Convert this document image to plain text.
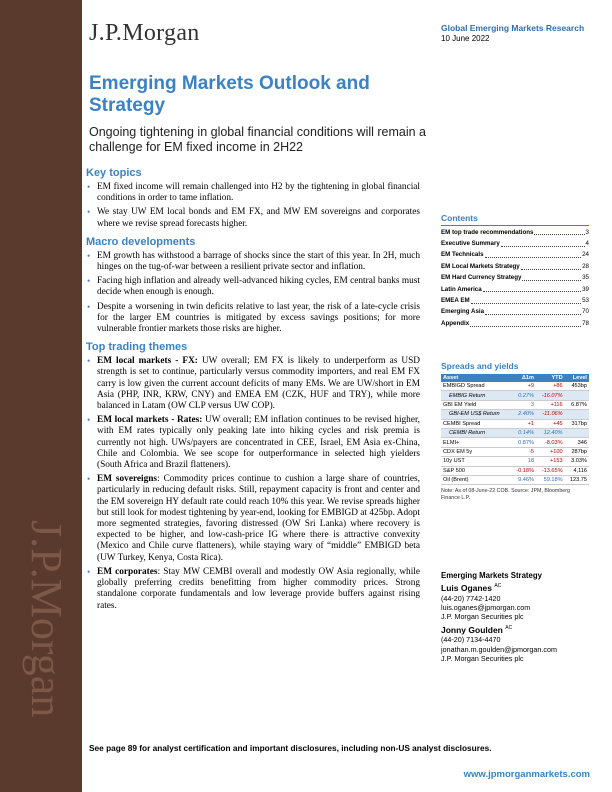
J.P.Morgan
J.P.Morgan	Global Emerging Markets Research
10 June 2022
Emerging Markets Outlook and Strategy
Ongoing tightening in global financial conditions will remain a challenge for EM fixed income in 2H22
Key topics
• EM fixed income will remain challenged into H2 by the tightening in global financial conditions in order to tame inflation.
• We stay UW EM local bonds and EM FX, and MW EM sovereigns and corporates where we revise spread forecasts higher.
Macro developments
• EM growth has withstood a barrage of shocks since the start of this year. In 2H, much hinges on the tug-of-war between a resilient private sector and inflation.
• Facing high inflation and already well-advanced hiking cycles, EM central banks must decide when enough is enough.
• Despite a worsening in twin deficits relative to last year, the risk of a late-cycle crisis for the larger EM countries is mitigated by excess savings positions; for more vulnerable frontier markets those risks are higher.
Top trading themes
• EM local markets - FX: UW overall; EM FX is likely to underperform as USD strength is set to continue, particularly versus commodity importers, and real EM FX carry is low given the current account deficits of many EMs. We are UW/short in EM Asia (PHP, INR, KRW, CNY) and EMEA EM (CZK, HUF and TRY), while more balanced in Latam (OW CLP versus UW COP).
• EM local markets - Rates: UW overall; EM inflation continues to be revised higher, with EM rates typically only peaking late into hiking cycles and risk premia is currently not high. UWs/payers are concentrated in CEE, Israel, EM Asia ex-China, Chile and Colombia. We see scope for outperformance in selected high yielders (South Africa and Brazil flatteners).
• EM sovereigns: Commodity prices continue to cushion a large share of countries, particularly in reducing default risks. Still, repayment capacity is front and center and the EM sovereign HY default rate could reach 10% this year. We revise spreads higher but still look for modest tightening by year-end, looking for EMBIGD at 425bp. Adopt more segmented strategies, favoring distressed (OW Sri Lanka) where recovery is expected to be higher, and low-cash-price IG where there is attractive convexity (Mexico and Chile curve flatteners), while staying wary of “middle” EMBIGD beta (UW Turkey, Kenya, Costa Rica).
• EM corporates: Stay MW CEMBI overall and modestly OW Asia regionally, while globally preferring credits benefitting from higher commodity prices. Strong standalone corporate fundamentals and low leverage provide buffers against rising rates.
Contents
EM top trade recommendations	3
Executive Summary	4
EM Technicals	24
EM Local Markets Strategy	28
EM Hard Currency Strategy	35
Latin America	39
EMEA EM	53
Emerging Asia	70
Appendix	78
Spreads and yields
Asset	Δ1m	YTD	Level
EMBIGD Spread	+9	+86	453bp
EMBIG Return	0.27%	-16.07%	
GBI EM Yield	3	+116	6.87%
GBI-EM US$ Return	2.40%	-11.06%	
CEMBI Spread	+1	+45	317bp
CEMBI Return	0.14%	12.40%	
ELMI+	0.87%	-8.03%	346
CDX EM 5y	-5	+100	287bp
10y UST	18	+153	3.03%
S&P 500	-0.18%	-13.65%	4,116
Oil (Brent)	9.46%	59.18%	123.75
Note: As of 08-June-22 COB. Source: JPM, Bloomberg Finance L.P.
Emerging Markets Strategy
Luis Oganes $^{AC}$
(44-20) 7742-1420
luis.oganes@jpmorgan.com
J.P. Morgan Securities plc
Jonny Goulden $^{AC}$
(44-20) 7134-4470
jonathan.m.goulden@jpmorgan.com
J.P. Morgan Securities plc
See page 89 for analyst certification and important disclosures, including non-US analyst disclosures.
www.jpmorganmarkets.com
